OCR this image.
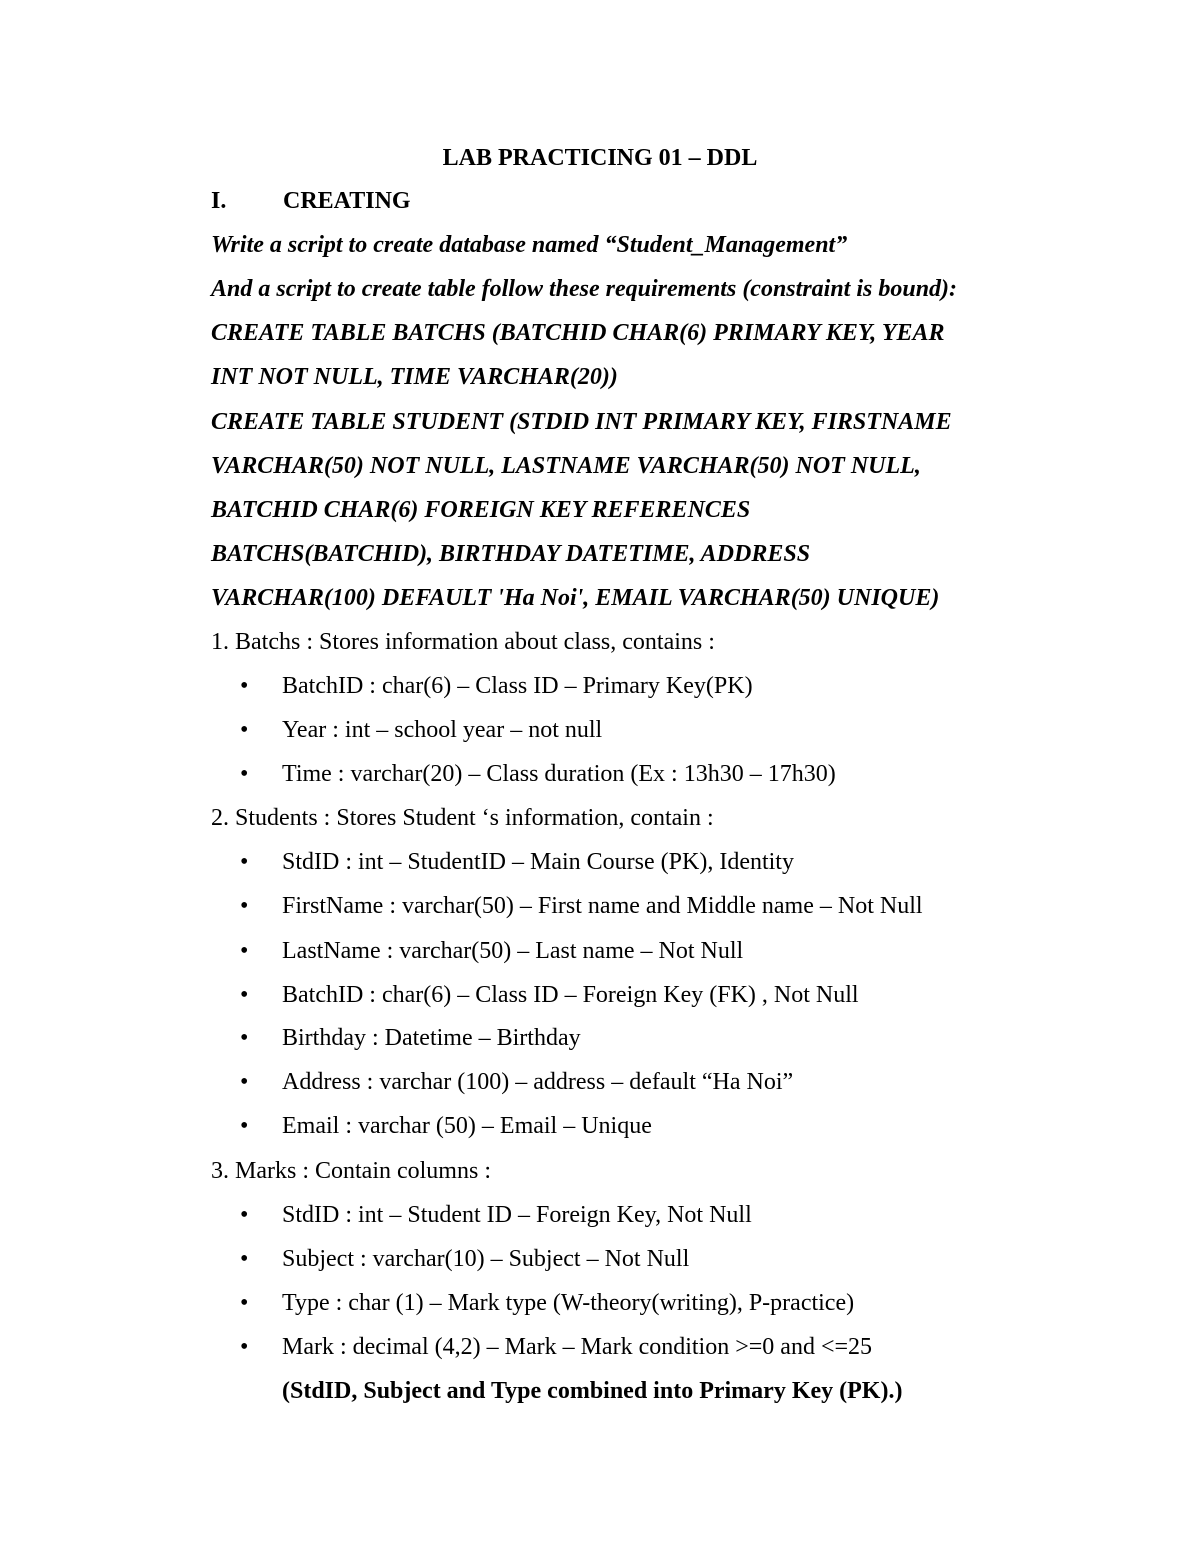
LAB PRACTICING 01 – DDL
I. CREATING
Write a script to create database named “Student_Management”
And a script to create table follow these requirements (constraint is bound):
CREATE TABLE BATCHS (BATCHID CHAR(6) PRIMARY KEY, YEAR
INT NOT NULL, TIME VARCHAR(20))
CREATE TABLE STUDENT (STDID INT PRIMARY KEY, FIRSTNAME
VARCHAR(50) NOT NULL, LASTNAME VARCHAR(50) NOT NULL,
BATCHID CHAR(6) FOREIGN KEY REFERENCES
BATCHS(BATCHID), BIRTHDAY DATETIME, ADDRESS
VARCHAR(100) DEFAULT 'Ha Noi', EMAIL VARCHAR(50) UNIQUE)
1. Batchs : Stores information about class, contains :
• BatchID : char(6) – Class ID – Primary Key(PK)
• Year : int – school year – not null
• Time : varchar(20) – Class duration (Ex : 13h30 – 17h30)
2. Students : Stores Student ‘s information, contain :
• StdID : int – StudentID – Main Course (PK), Identity
• FirstName : varchar(50) – First name and Middle name – Not Null
• LastName : varchar(50) – Last name – Not Null
• BatchID : char(6) – Class ID – Foreign Key (FK) , Not Null
• Birthday : Datetime – Birthday
• Address : varchar (100) – address – default “Ha Noi”
• Email : varchar (50) – Email – Unique
3. Marks : Contain columns :
• StdID : int – Student ID – Foreign Key, Not Null
• Subject : varchar(10) – Subject – Not Null
• Type : char (1) – Mark type (W-theory(writing), P-practice)
• Mark : decimal (4,2) – Mark – Mark condition >=0 and <=25
(StdID, Subject and Type combined into Primary Key (PK).)
